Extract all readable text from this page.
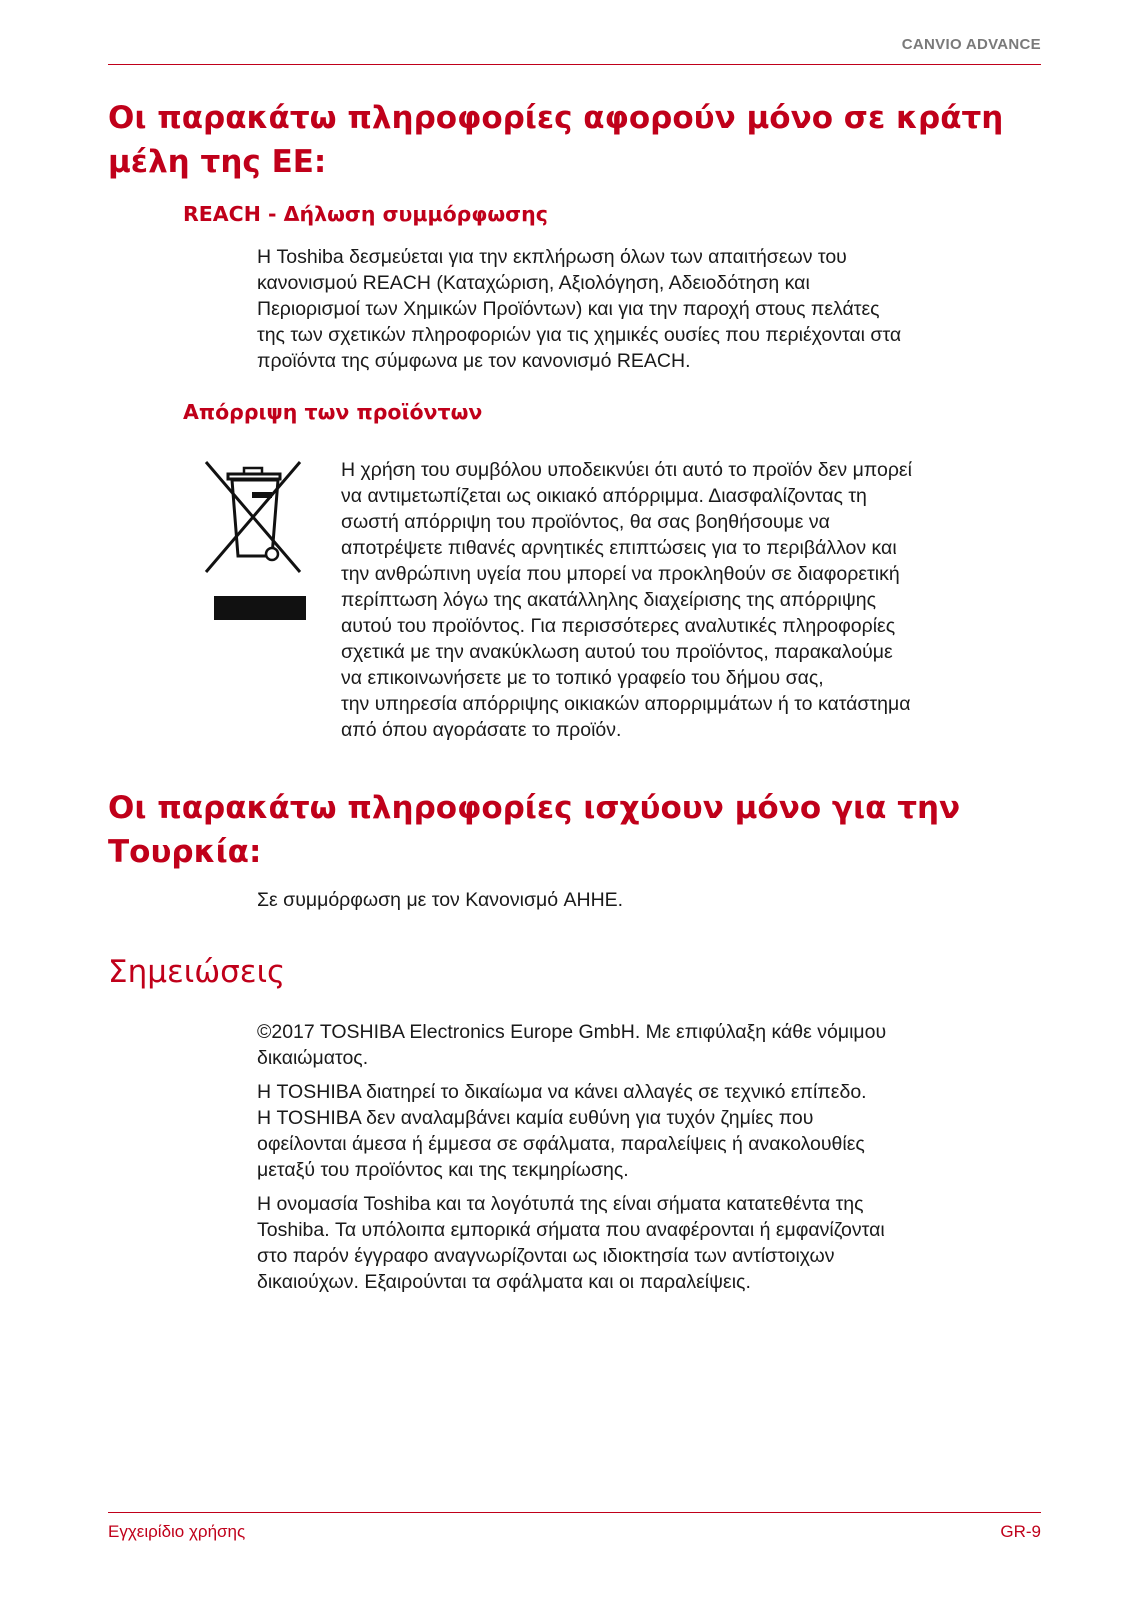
CANVIO ADVANCE
Οι παρακάτω πληροφορίες αφορούν μόνο σε κράτη
μέλη της ΕΕ:
REACH - Δήλωση συμμόρφωσης
Η Toshiba δεσμεύεται για την εκπλήρωση όλων των απαιτήσεων του
κανονισμού REACH (Καταχώριση, Αξιολόγηση, Αδειοδότηση και
Περιορισμοί των Χημικών Προϊόντων) και για την παροχή στους πελάτες
της των σχετικών πληροφοριών για τις χημικές ουσίες που περιέχονται στα
προϊόντα της σύμφωνα με τον κανονισμό REACH.
Απόρριψη των προϊόντων
Η χρήση του συμβόλου υποδεικνύει ότι αυτό το προϊόν δεν μπορεί
να αντιμετωπίζεται ως οικιακό απόρριμμα. Διασφαλίζοντας τη
σωστή απόρριψη του προϊόντος, θα σας βοηθήσουμε να
αποτρέψετε πιθανές αρνητικές επιπτώσεις για το περιβάλλον και
την ανθρώπινη υγεία που μπορεί να προκληθούν σε διαφορετική
περίπτωση λόγω της ακατάλληλης διαχείρισης της απόρριψης
αυτού του προϊόντος. Για περισσότερες αναλυτικές πληροφορίες
σχετικά με την ανακύκλωση αυτού του προϊόντος, παρακαλούμε
να επικοινωνήσετε με το τοπικό γραφείο του δήμου σας,
την υπηρεσία απόρριψης οικιακών απορριμμάτων ή το κατάστημα
από όπου αγοράσατε το προϊόν.
Οι παρακάτω πληροφορίες ισχύουν μόνο για την
Τουρκία:
Σε συμμόρφωση με τον Κανονισμό AHHE.
Σημειώσεις
©2017 TOSHIBA Electronics Europe GmbH. Με επιφύλαξη κάθε νόμιμου
δικαιώματος.
Η TOSHIBA διατηρεί το δικαίωμα να κάνει αλλαγές σε τεχνικό επίπεδο.
Η TOSHIBA δεν αναλαμβάνει καμία ευθύνη για τυχόν ζημίες που
οφείλονται άμεσα ή έμμεσα σε σφάλματα, παραλείψεις ή ανακολουθίες
μεταξύ του προϊόντος και της τεκμηρίωσης.
Η ονομασία Toshiba και τα λογότυπά της είναι σήματα κατατεθέντα της
Toshiba. Τα υπόλοιπα εμπορικά σήματα που αναφέρονται ή εμφανίζονται
στο παρόν έγγραφο αναγνωρίζονται ως ιδιοκτησία των αντίστοιχων
δικαιούχων. Εξαιρούνται τα σφάλματα και οι παραλείψεις.
Εγχειρίδιο χρήσης	GR-9
